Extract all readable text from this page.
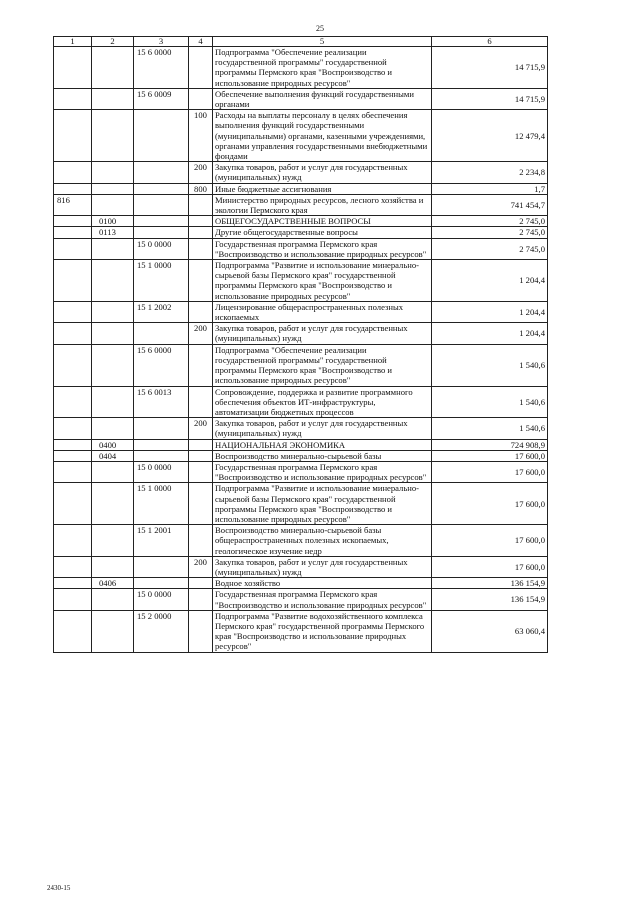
25
1	2	3	4	5	6
		15 6 0000		Подпрограмма "Обеспечение реализации государственной программы" государственной программы Пермского края "Воспроизводство и использование природных ресурсов"	14 715,9
		15 6 0009		Обеспечение выполнения функций государственными органами	14 715,9
			100	Расходы на выплаты персоналу в целях обеспечения выполнения функций государственными (муниципальными) органами, казенными учреждениями, органами управления государственными внебюджетными фондами	12 479,4
			200	Закупка товаров, работ и услуг для государственных (муниципальных) нужд	2 234,8
			800	Иные бюджетные ассигнования	1,7
816				Министерство природных ресурсов, лесного хозяйства и экологии Пермского края	741 454,7
	0100			ОБЩЕГОСУДАРСТВЕННЫЕ ВОПРОСЫ	2 745,0
	0113			Другие общегосударственные вопросы	2 745,0
		15 0 0000		Государственная программа Пермского края "Воспроизводство и использование природных ресурсов"	2 745,0
		15 1 0000		Подпрограмма "Развитие и использование минерально-сырьевой базы Пермского края" государственной программы Пермского края "Воспроизводство и использование природных ресурсов"	1 204,4
		15 1 2002		Лицензирование общераспространенных полезных ископаемых	1 204,4
			200	Закупка товаров, работ и услуг для государственных (муниципальных) нужд	1 204,4
		15 6 0000		Подпрограмма "Обеспечение реализации государственной программы" государственной программы Пермского края "Воспроизводство и использование природных ресурсов"	1 540,6
		15 6 0013		Сопровождение, поддержка и развитие программного обеспечения объектов ИТ-инфраструктуры, автоматизации бюджетных процессов	1 540,6
			200	Закупка товаров, работ и услуг для государственных (муниципальных) нужд	1 540,6
	0400			НАЦИОНАЛЬНАЯ ЭКОНОМИКА	724 908,9
	0404			Воспроизводство минерально-сырьевой базы	17 600,0
		15 0 0000		Государственная программа Пермского края "Воспроизводство и использование природных ресурсов"	17 600,0
		15 1 0000		Подпрограмма "Развитие и использование минерально-сырьевой базы Пермского края" государственной программы Пермского края "Воспроизводство и использование природных ресурсов"	17 600,0
		15 1 2001		Воспроизводство минерально-сырьевой базы общераспространенных полезных ископаемых, геологическое изучение недр	17 600,0
			200	Закупка товаров, работ и услуг для государственных (муниципальных) нужд	17 600,0
	0406			Водное хозяйство	136 154,9
		15 0 0000		Государственная программа Пермского края "Воспроизводство и использование природных ресурсов"	136 154,9
		15 2 0000		Подпрограмма "Развитие водохозяйственного комплекса Пермского края" государственной программы Пермского края "Воспроизводство и использование природных ресурсов"	63 060,4
2430-15
